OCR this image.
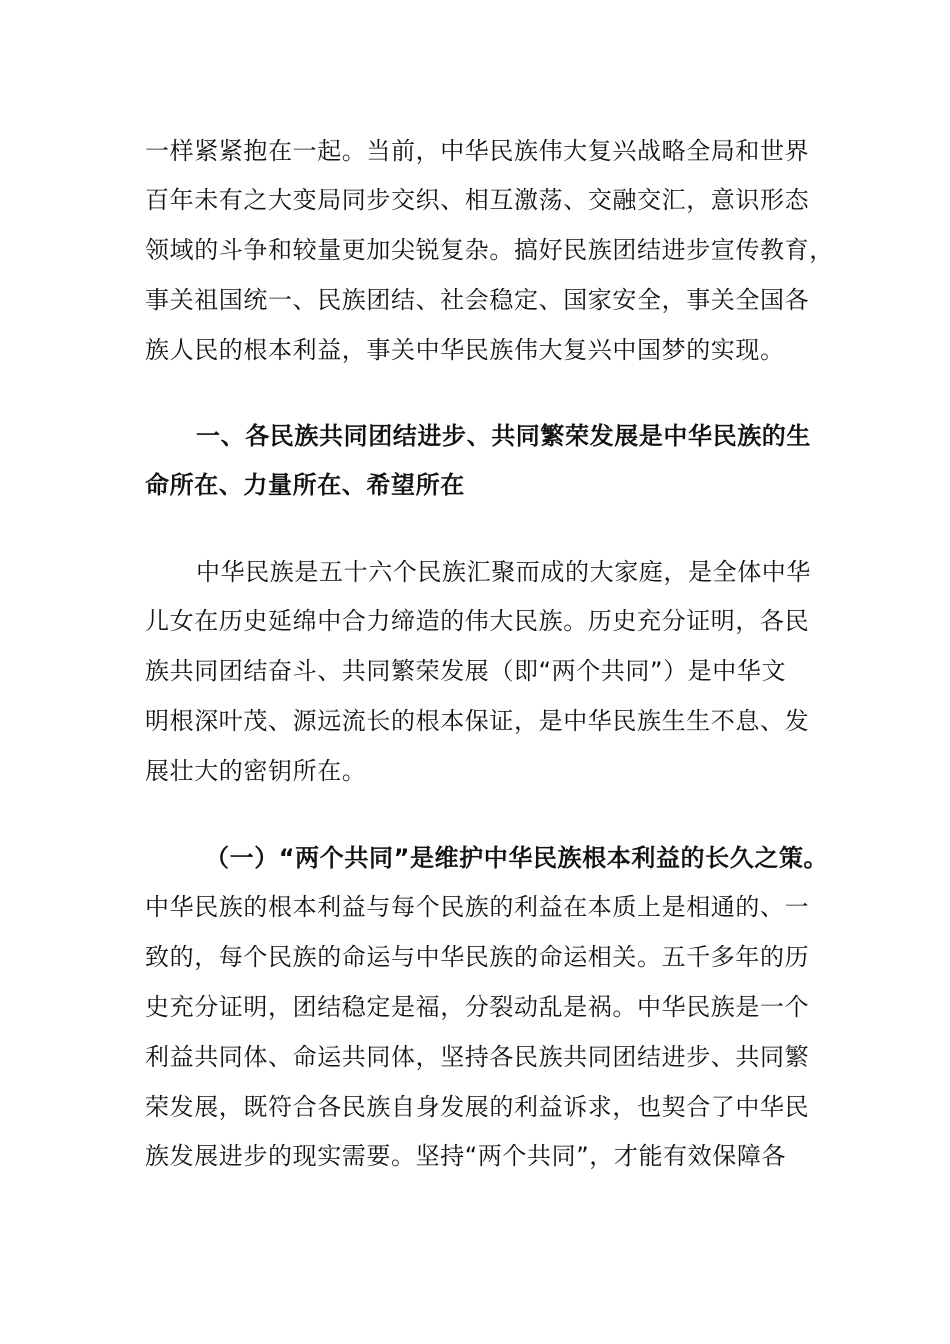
一样紧紧抱在一起。当前，中华民族伟大复兴战略全局和世界
百年未有之大变局同步交织、相互激荡、交融交汇，意识形态
领域的斗争和较量更加尖锐复杂。搞好民族团结进步宣传教育，
事关祖国统一、民族团结、社会稳定、国家安全，事关全国各
族人民的根本利益，事关中华民族伟大复兴中国梦的实现。
一、各民族共同团结进步、共同繁荣发展是中华民族的生
命所在、力量所在、希望所在
中华民族是五十六个民族汇聚而成的大家庭，是全体中华
儿女在历史延绵中合力缔造的伟大民族。历史充分证明，各民
族共同团结奋斗、共同繁荣发展（即“两个共同”）是中华文
明根深叶茂、源远流长的根本保证，是中华民族生生不息、发
展壮大的密钥所在。
（一）“两个共同”是维护中华民族根本利益的长久之策。
中华民族的根本利益与每个民族的利益在本质上是相通的、一
致的，每个民族的命运与中华民族的命运相关。五千多年的历
史充分证明，团结稳定是福，分裂动乱是祸。中华民族是一个
利益共同体、命运共同体，坚持各民族共同团结进步、共同繁
荣发展，既符合各民族自身发展的利益诉求，也契合了中华民
族发展进步的现实需要。坚持“两个共同”，才能有效保障各
